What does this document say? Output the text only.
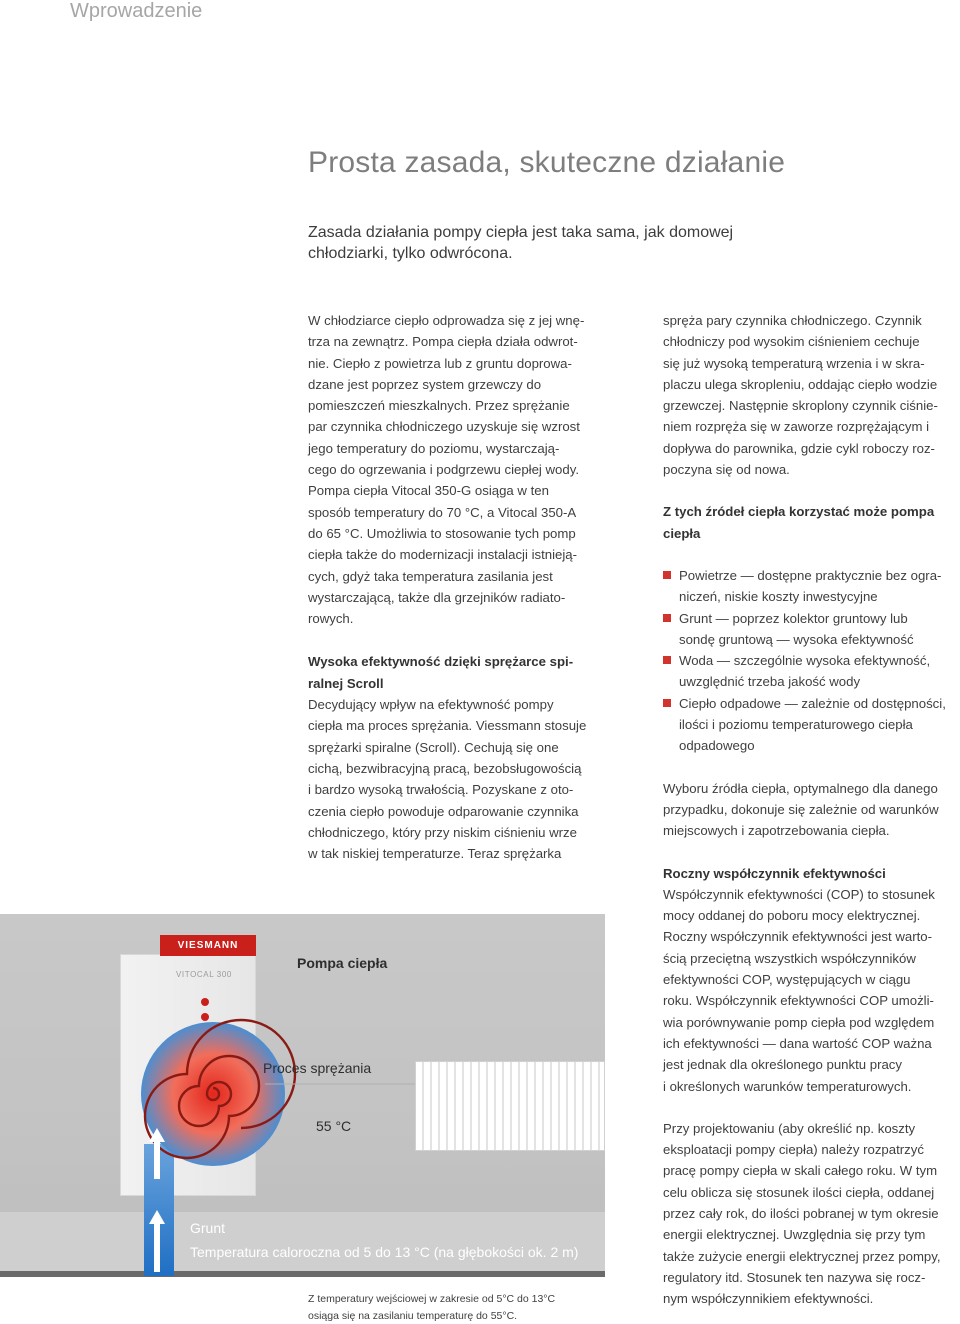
Wprowadzenie
Prosta zasada, skuteczne działanie

Zasada działania pompy ciepła jest taka sama, jak domowej chłodziarki, tylko odwrócona.

W chłodziarce ciepło odprowadza się z jej wnę-
trza na zewnątrz. Pompa ciepła działa odwrot-
nie. Ciepło z powietrza lub z gruntu doprowa-
dzane jest poprzez system grzewczy do
pomieszczeń mieszkalnych. Przez sprężanie
par czynnika chłodniczego uzyskuje się wzrost
jego temperatury do poziomu, wystarczają-
cego do ogrzewania i podgrzewu ciepłej wody.
Pompa ciepła Vitocal 350-G osiąga w ten
sposób temperatury do 70 °C, a Vitocal 350-A
do 65 °C. Umożliwia to stosowanie tych pomp
ciepła także do modernizacji instalacji istnieją-
cych, gdyż taka temperatura zasilania jest
wystarczającą, także dla grzejników radiato-
rowych.

Wysoka efektywność dzięki sprężarce spi-
ralnej Scroll

Decydujący wpływ na efektywność pompy
ciepła ma proces sprężania. Viessmann stosuje
sprężarki spiralne (Scroll). Cechują się one
cichą, bezwibracyjną pracą, bezobsługowością
i bardzo wysoką trwałością. Pozyskane z oto-
czenia ciepło powoduje odparowanie czynnika
chłodniczego, który przy niskim ciśnieniu wrze
w tak niskiej temperaturze. Teraz sprężarka

spręża pary czynnika chłodniczego. Czynnik
chłodniczy pod wysokim ciśnieniem cechuje
się już wysoką temperaturą wrzenia i w skra-
placzu ulega skropleniu, oddając ciepło wodzie
grzewczej. Następnie skroplony czynnik ciśnie-
niem rozpręża się w zaworze rozprężającym i
dopływa do parownika, gdzie cykl roboczy roz-
poczyna się od nowa.

Z tych źródeł ciepła korzystać może pompa
ciepła
Powietrze — dostępne praktycznie bez ogra-
niczeń, niskie koszty inwestycyjne
Grunt — poprzez kolektor gruntowy lub
sondę gruntową — wysoka efektywność
Woda — szczególnie wysoka efektywność,
uwzględnić trzeba jakość wody
Ciepło odpadowe — zależnie od dostępności,
ilości i poziomu temperaturowego ciepła
odpadowego

Wyboru źródła ciepła, optymalnego dla danego
przypadku, dokonuje się zależnie od warunków
miejscowych i zapotrzebowania ciepła.

Roczny współczynnik efektywności

Współczynnik efektywności (COP) to stosunek
mocy oddanej do poboru mocy elektrycznej.
Roczny współczynnik efektywności jest warto-
ścią przeciętną wszystkich współczynników
efektywności COP, występujących w ciągu
roku. Współczynnik efektywności COP umożli-
wia porównywanie pomp ciepła pod względem
ich efektywności — dana wartość COP ważna
jest jednak dla określonego punktu pracy
i określonych warunków temperaturowych.

Przy projektowaniu (aby określić np. koszty
eksploatacji pompy ciepła) należy rozpatrzyć
pracę pompy ciepła w skali całego roku. W tym
celu oblicza się stosunek ilości ciepła, oddanej
przez cały rok, do ilości pobranej w tym okresie
energii elektrycznej. Uwzględnia się przy tym
także zużycie energii elektrycznej przez pompy,
regulatory itd. Stosunek ten nazywa się rocz-
nym współczynnikiem efektywności.

VIESMANN
VITOCAL 300
Pompa ciepła
Proces sprężania
55 °C
Grunt
Temperatura caloroczna od 5 do 13 °C (na głębokości ok. 2 m)

Z temperatury wejściowej w zakresie od 5°C do 13°C
osiąga się na zasilaniu temperaturę do 55°C.
